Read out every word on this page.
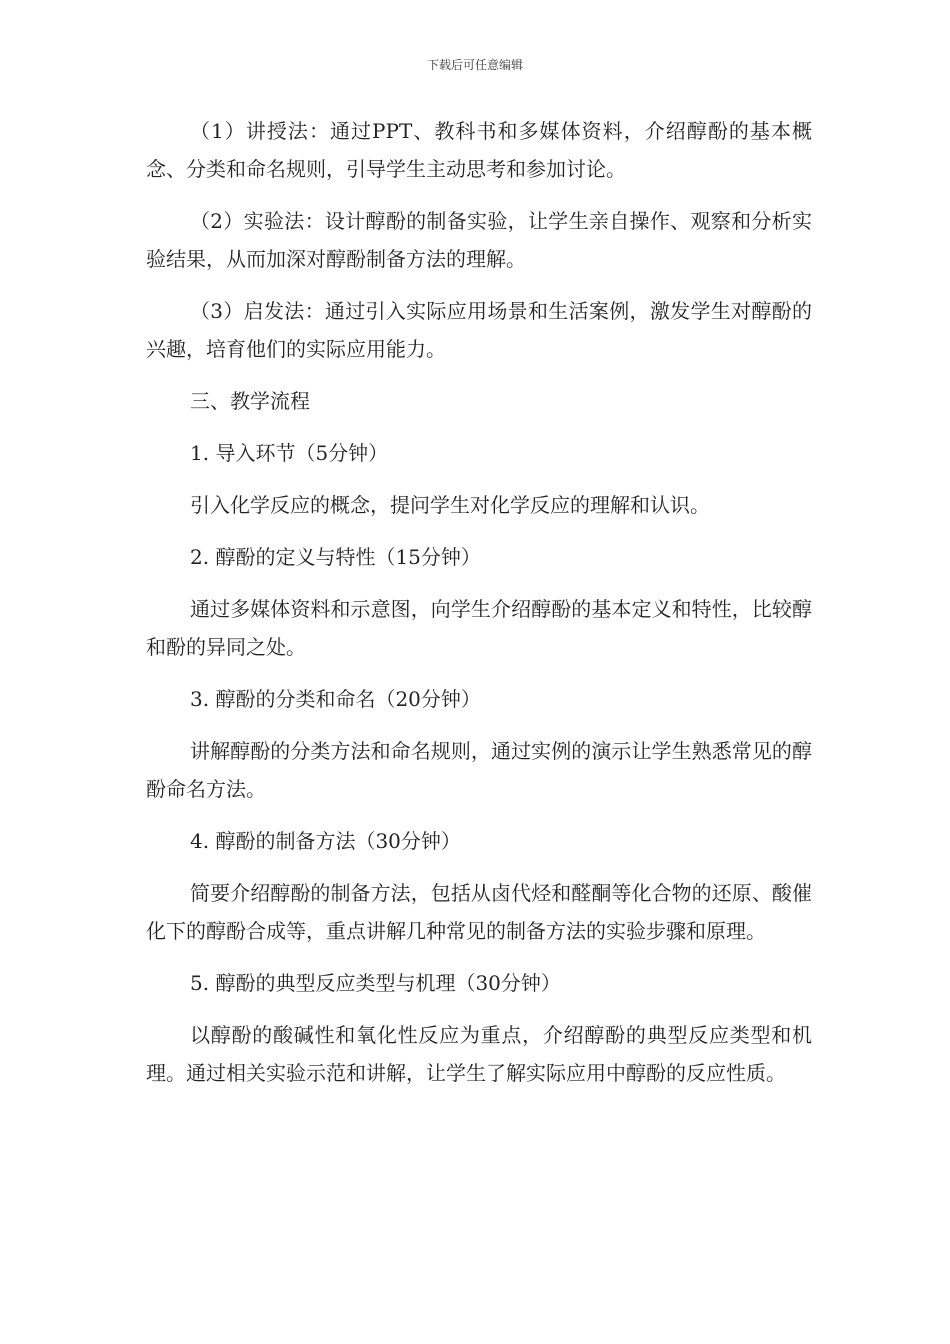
下载后可任意编辑

（1）讲授法：通过PPT、教科书和多媒体资料，介绍醇酚的基本概念、分类和命名规则，引导学生主动思考和参加讨论。

（2）实验法：设计醇酚的制备实验，让学生亲自操作、观察和分析实验结果，从而加深对醇酚制备方法的理解。

（3）启发法：通过引入实际应用场景和生活案例，激发学生对醇酚的兴趣，培育他们的实际应用能力。

三、教学流程

1. 导入环节（5分钟）

引入化学反应的概念，提问学生对化学反应的理解和认识。

2. 醇酚的定义与特性（15分钟）

通过多媒体资料和示意图，向学生介绍醇酚的基本定义和特性，比较醇和酚的异同之处。

3. 醇酚的分类和命名（20分钟）

讲解醇酚的分类方法和命名规则，通过实例的演示让学生熟悉常见的醇酚命名方法。

4. 醇酚的制备方法（30分钟）

简要介绍醇酚的制备方法，包括从卤代烃和醛酮等化合物的还原、酸催化下的醇酚合成等，重点讲解几种常见的制备方法的实验步骤和原理。

5. 醇酚的典型反应类型与机理（30分钟）

以醇酚的酸碱性和氧化性反应为重点，介绍醇酚的典型反应类型和机理。通过相关实验示范和讲解，让学生了解实际应用中醇酚的反应性质。
